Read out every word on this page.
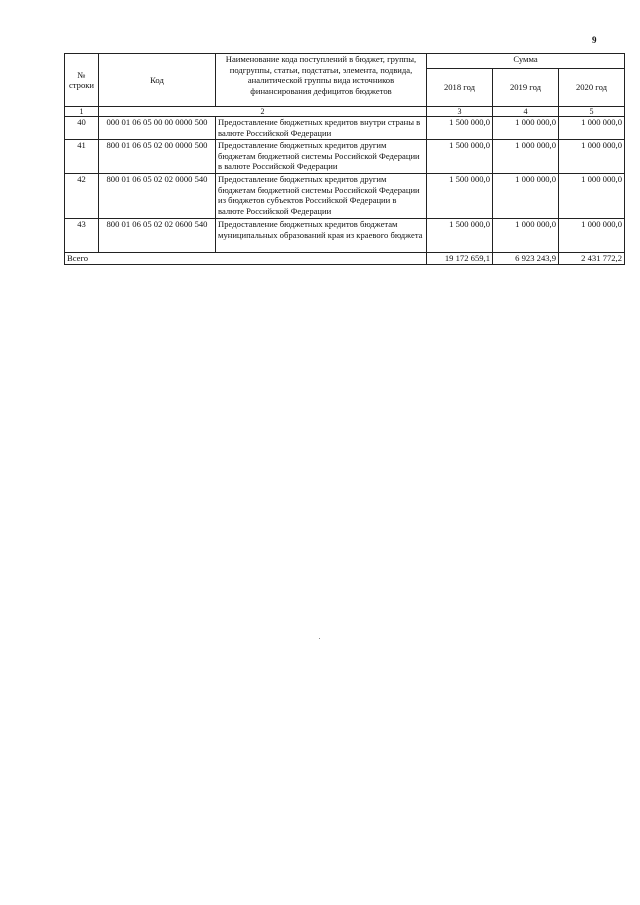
9
№ строки	Код	Наименование кода поступлений в бюджет, группы, подгруппы, статьи, подстатьи, элемента, подвида, аналитической группы вида источников финансирования дефицитов бюджетов	Сумма		
			2018 год	2019 год	2020 год
1	2		3	4	5
40	000 01 06 05 00 00 0000 500	Предоставление бюджетных кредитов внутри страны в валюте Российской Федерации	1 500 000,0	1 000 000,0	1 000 000,0
41	800 01 06 05 02 00 0000 500	Предоставление бюджетных кредитов другим бюджетам бюджетной системы Российской Федерации в валюте Российской Федерации	1 500 000,0	1 000 000,0	1 000 000,0
42	800 01 06 05 02 02 0000 540	Предоставление бюджетных кредитов другим бюджетам бюджетной системы Российской Федерации из бюджетов субъектов Российской Федерации в валюте Российской Федерации	1 500 000,0	1 000 000,0	1 000 000,0
43	800 01 06 05 02 02 0600 540	Предоставление бюджетных кредитов бюджетам муниципальных образований края из краевого бюджета	1 500 000,0	1 000 000,0	1 000 000,0
Всего			19 172 659,1	6 923 243,9	2 431 772,2
